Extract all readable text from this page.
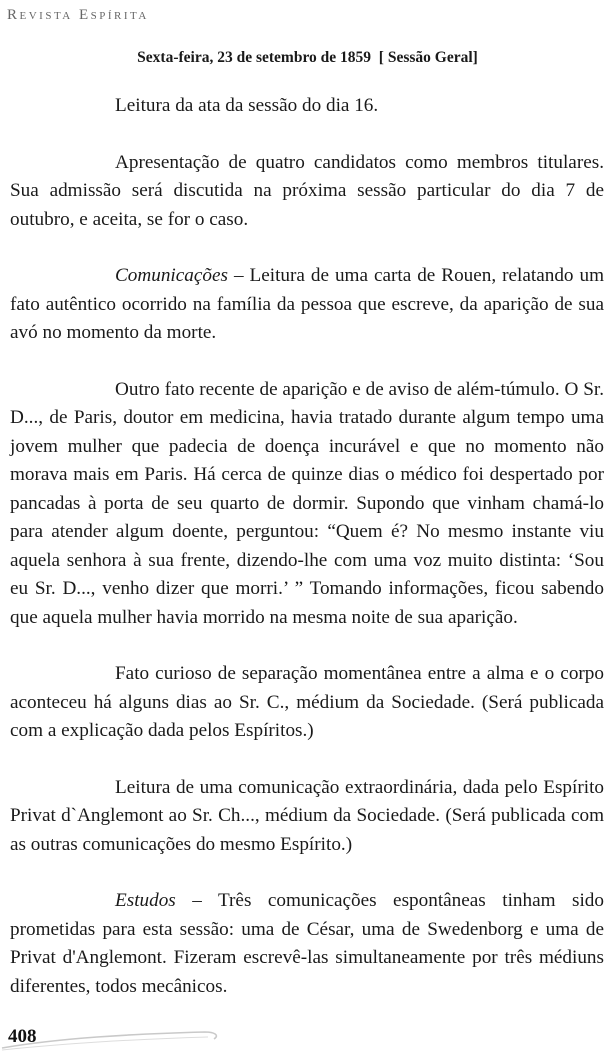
Revista Espírita
Sexta-feira, 23 de setembro de 1859  [ Sessão Geral]

Leitura da ata da sessão do dia 16.

Apresentação de quatro candidatos como membros titulares. Sua admissão será discutida na próxima sessão particular do dia 7 de outubro, e aceita, se for o caso.

Comunicações – Leitura de uma carta de Rouen, relatando um fato autêntico ocorrido na família da pessoa que escreve, da aparição de sua avó no momento da morte.

Outro fato recente de aparição e de aviso de além-túmulo. O Sr. D..., de Paris, doutor em medicina, havia tratado durante algum tempo uma jovem mulher que padecia de doença incurável e que no momento não morava mais em Paris. Há cerca de quinze dias o médico foi despertado por pancadas à porta de seu quarto de dormir. Supondo que vinham chamá-lo para atender algum doente, perguntou: “Quem é? No mesmo instante viu aquela senhora à sua frente, dizendo-lhe com uma voz muito distinta: ‘Sou eu Sr. D..., venho dizer que morri.’ ” Tomando informações, ficou sabendo que aquela mulher havia morrido na mesma noite de sua aparição.

Fato curioso de separação momentânea entre a alma e o corpo aconteceu há alguns dias ao Sr. C., médium da Sociedade. (Será publicada com a explicação dada pelos Espíritos.)

Leitura de uma comunicação extraordinária, dada pelo Espírito Privat d`Anglemont ao Sr. Ch..., médium da Sociedade. (Será publicada com as outras comunicações do mesmo Espírito.)

Estudos – Três comunicações espontâneas tinham sido prometidas para esta sessão: uma de César, uma de Swedenborg e uma de Privat d'Anglemont. Fizeram escrevê-las simultaneamente por três médiuns diferentes, todos mecânicos.

408
